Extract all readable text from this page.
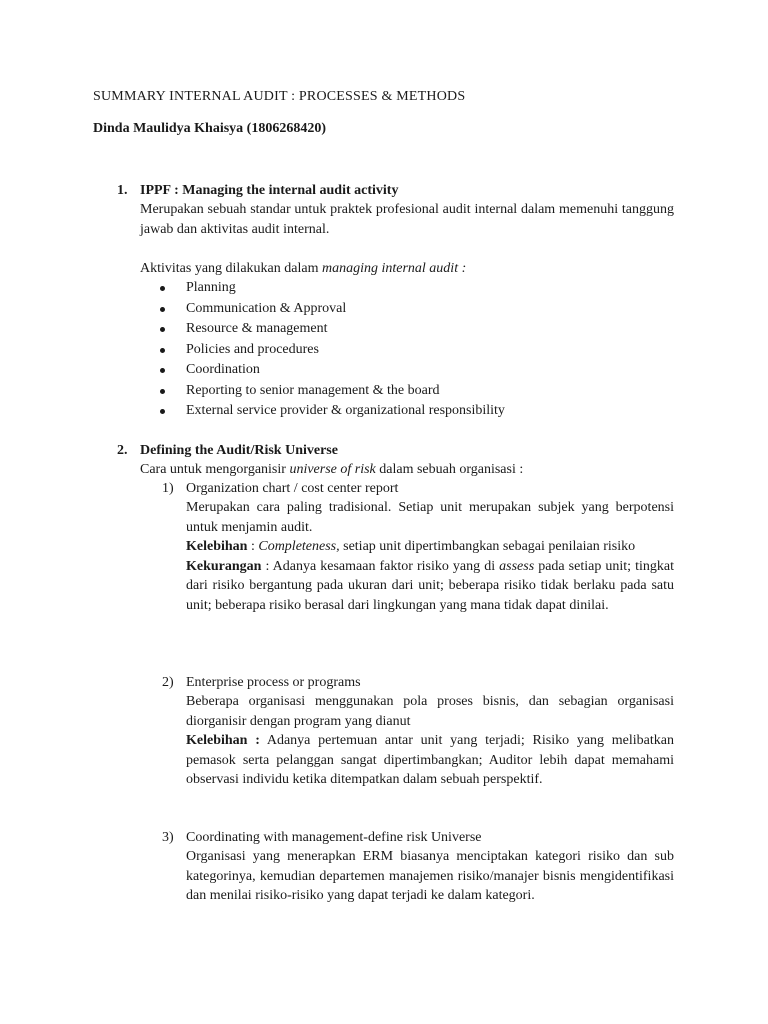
SUMMARY INTERNAL AUDIT : PROCESSES & METHODS
Dinda Maulidya Khaisya (1806268420)
1. IPPF : Managing the internal audit activity
Merupakan sebuah standar untuk praktek profesional audit internal dalam memenuhi tanggung jawab dan aktivitas audit internal.
Aktivitas yang dilakukan dalam managing internal audit :
Planning
Communication & Approval
Resource & management
Policies and procedures
Coordination
Reporting to senior management & the board
External service provider & organizational responsibility
2. Defining the Audit/Risk Universe
Cara untuk mengorganisir universe of risk dalam sebuah organisasi :
1) Organization chart / cost center report

Merupakan cara paling tradisional. Setiap unit merupakan subjek yang berpotensi untuk menjamin audit.

Kelebihan : Completeness, setiap unit dipertimbangkan sebagai penilaian risiko

Kekurangan : Adanya kesamaan faktor risiko yang di assess pada setiap unit; tingkat dari risiko bergantung pada ukuran dari unit; beberapa risiko tidak berlaku pada satu unit; beberapa risiko berasal dari lingkungan yang mana tidak dapat dinilai.

2) Enterprise process or programs

Beberapa organisasi menggunakan pola proses bisnis, dan sebagian organisasi diorganisir dengan program yang dianut

Kelebihan : Adanya pertemuan antar unit yang terjadi; Risiko yang melibatkan pemasok serta pelanggan sangat dipertimbangkan; Auditor lebih dapat memahami observasi individu ketika ditempatkan dalam sebuah perspektif.

3) Coordinating with management-define risk Universe

Organisasi yang menerapkan ERM biasanya menciptakan kategori risiko dan sub kategorinya, kemudian departemen manajemen risiko/manajer bisnis mengidentifikasi dan menilai risiko-risiko yang dapat terjadi ke dalam kategori.
